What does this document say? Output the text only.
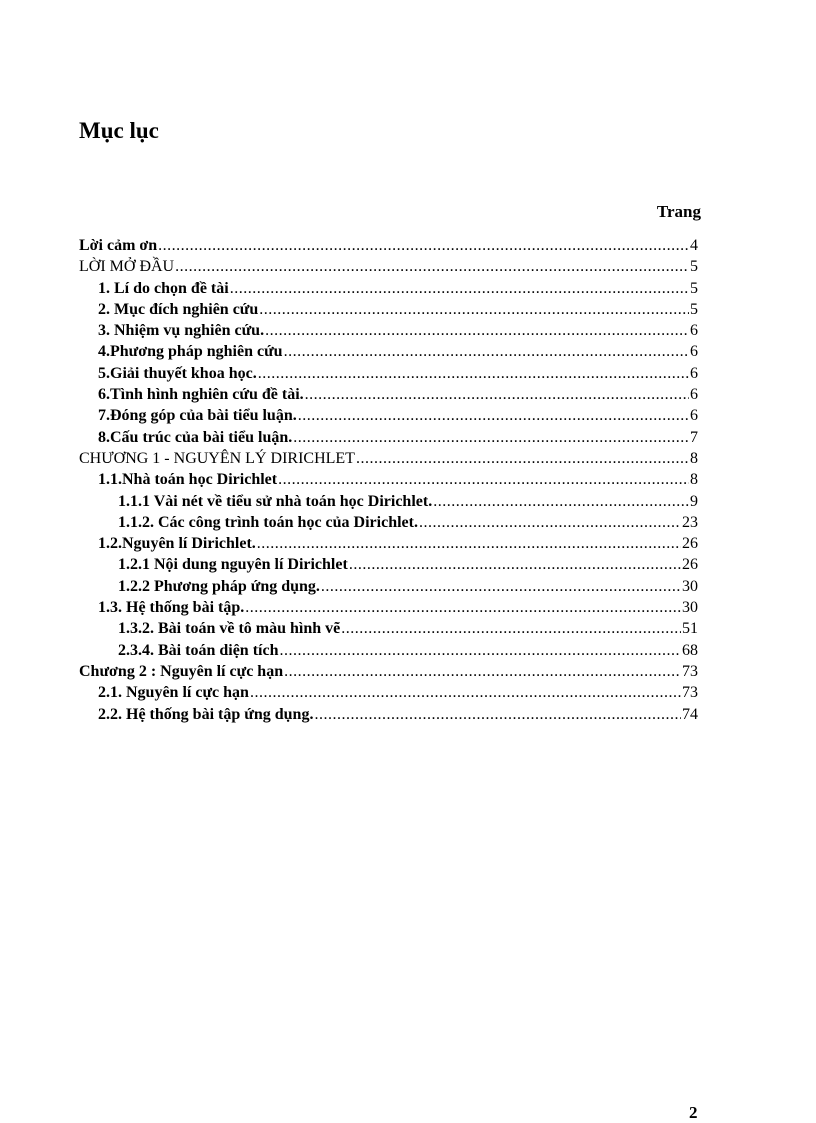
Mục lục
Trang
Lời cảm ơn .....	4
LỜI MỞ ĐẦU .....	5
1. Lí do chọn đề tài .....	5
2. Mục đích nghiên cứu .....	5
3. Nhiệm vụ nghiên cứu. .....	6
4.Phương pháp nghiên cứu .....	6
5.Giải thuyết khoa học. .....	6
6.Tình hình nghiên cứu đề tài. .....	6
7.Đóng góp của bài tiểu luận. .....	6
8.Cấu trúc của bài tiểu luận. .....	7
CHƯƠNG 1 - NGUYÊN LÝ DIRICHLET .....	8
1.1.Nhà toán học Dirichlet .....	8
1.1.1 Vài nét về tiểu sử nhà toán học Dirichlet. .....	9
1.1.2. Các công trình toán học của Dirichlet. .....	23
1.2.Nguyên lí Dirichlet. .....	26
1.2.1 Nội dung nguyên lí Dirichlet .....	26
1.2.2 Phương pháp ứng dụng. .....	30
1.3. Hệ thống bài tập. .....	30
1.3.2. Bài toán về tô màu hình vẽ .....	51
2.3.4. Bài toán diện tích .....	68
Chương 2 : Nguyên lí cực hạn .....	73
2.1. Nguyên lí cực hạn .....	73
2.2. Hệ thống bài tập ứng dụng. .....	74
2
